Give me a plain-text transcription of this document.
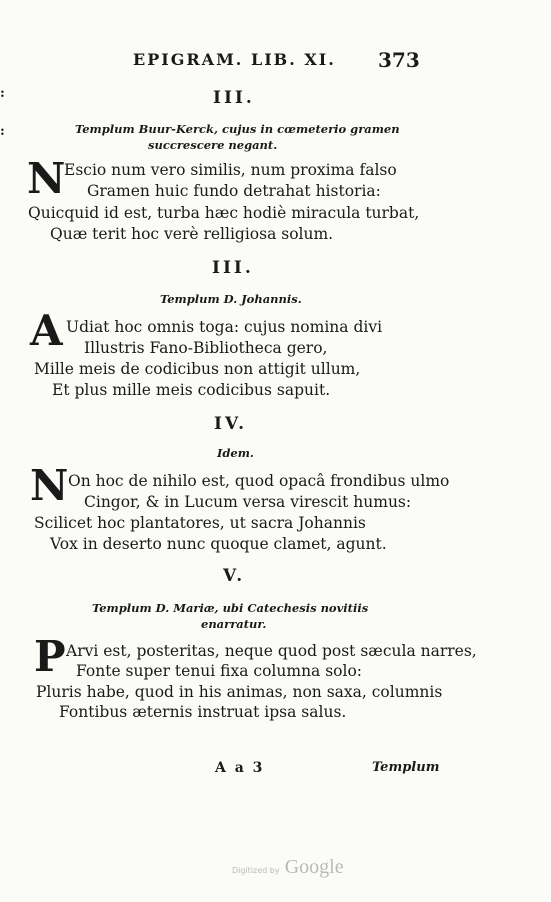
EPIGRAM. LIB. XI. 373
:
:
III.
Templum Buur-Kerck, cujus in cœmeterio gramen
succrescere negant.
N
Escio num vero similis, num proxima falso
Gramen huic fundo detrahat historia:
Quicquid id est, turba hæc hodiè miracula turbat,
Quæ terit hoc verè relligiosa solum.
III.
Templum D. Johannis.
A Udiat hoc omnis toga: cujus nomina divi
Illustris Fano-Bibliotheca gero,
Mille meis de codicibus non attigit ullum,
Et plus mille meis codicibus sapuit.
IV.
Idem.
N On hoc de nihilo est, quod opacâ frondibus ulmo
Cingor, & in Lucum versa virescit humus:
Scilicet hoc plantatores, ut sacra Johannis
Vox in deserto nunc quoque clamet, agunt.
V.
Templum D. Mariæ, ubi Catechesis novitiis
enarratur.
P Arvi est, posteritas, neque quod post sæcula narres,
Fonte super tenui fixa columna solo:
Pluris habe, quod in his animas, non saxa, columnis
Fontibus æternis instruat ipsa salus.
A a 3	Templum
Digitized by Google
